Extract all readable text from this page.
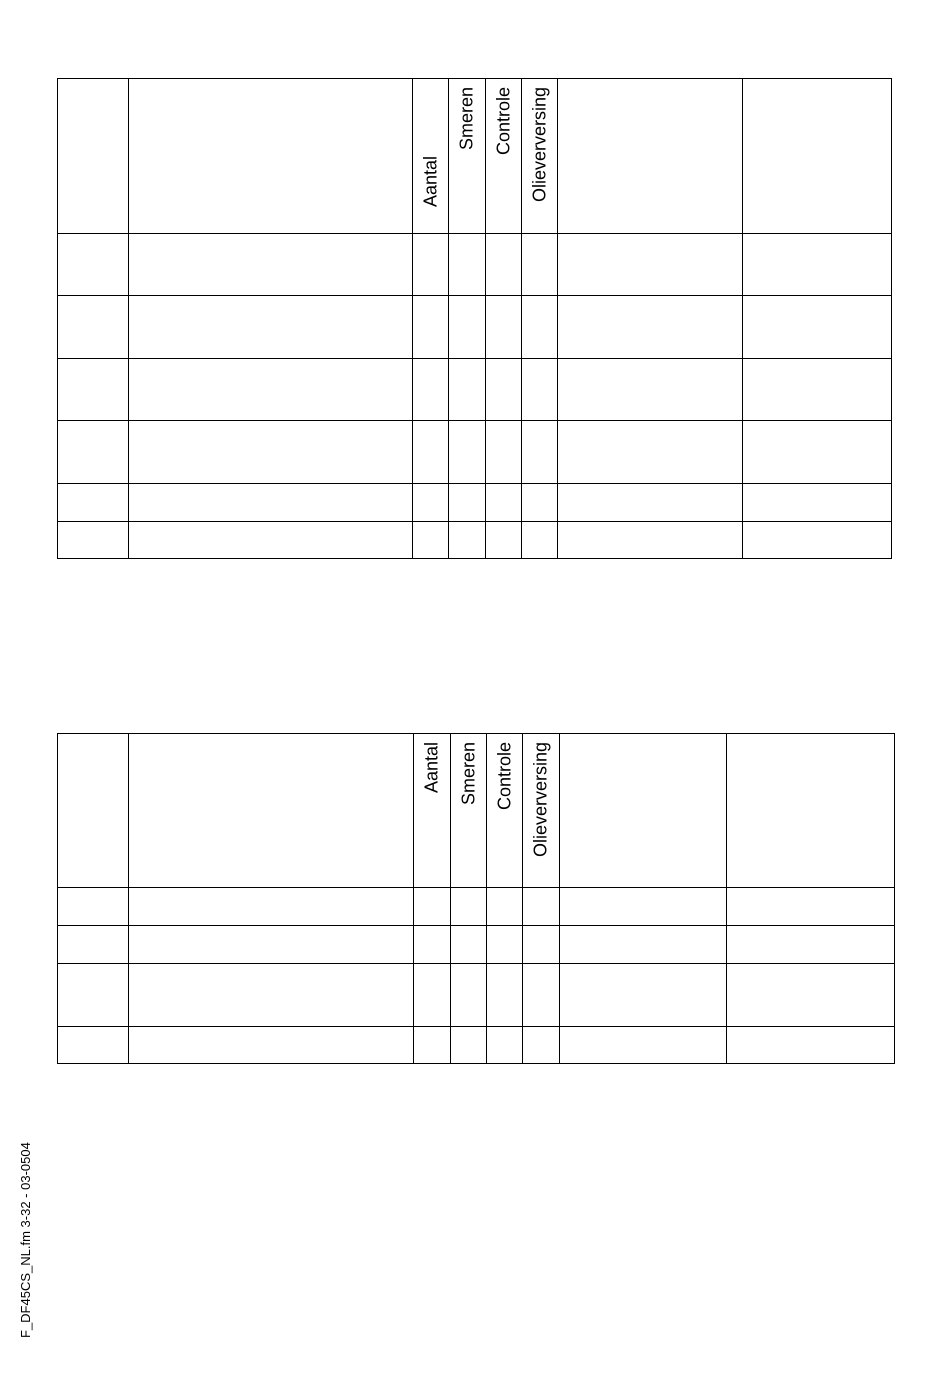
		Aantal	Smeren	Controle	Olieverversing		

		Aantal	Smeren	Controle	Olieverversing		

F_DF45CS_NL.fm 3-32 - 03-0504
